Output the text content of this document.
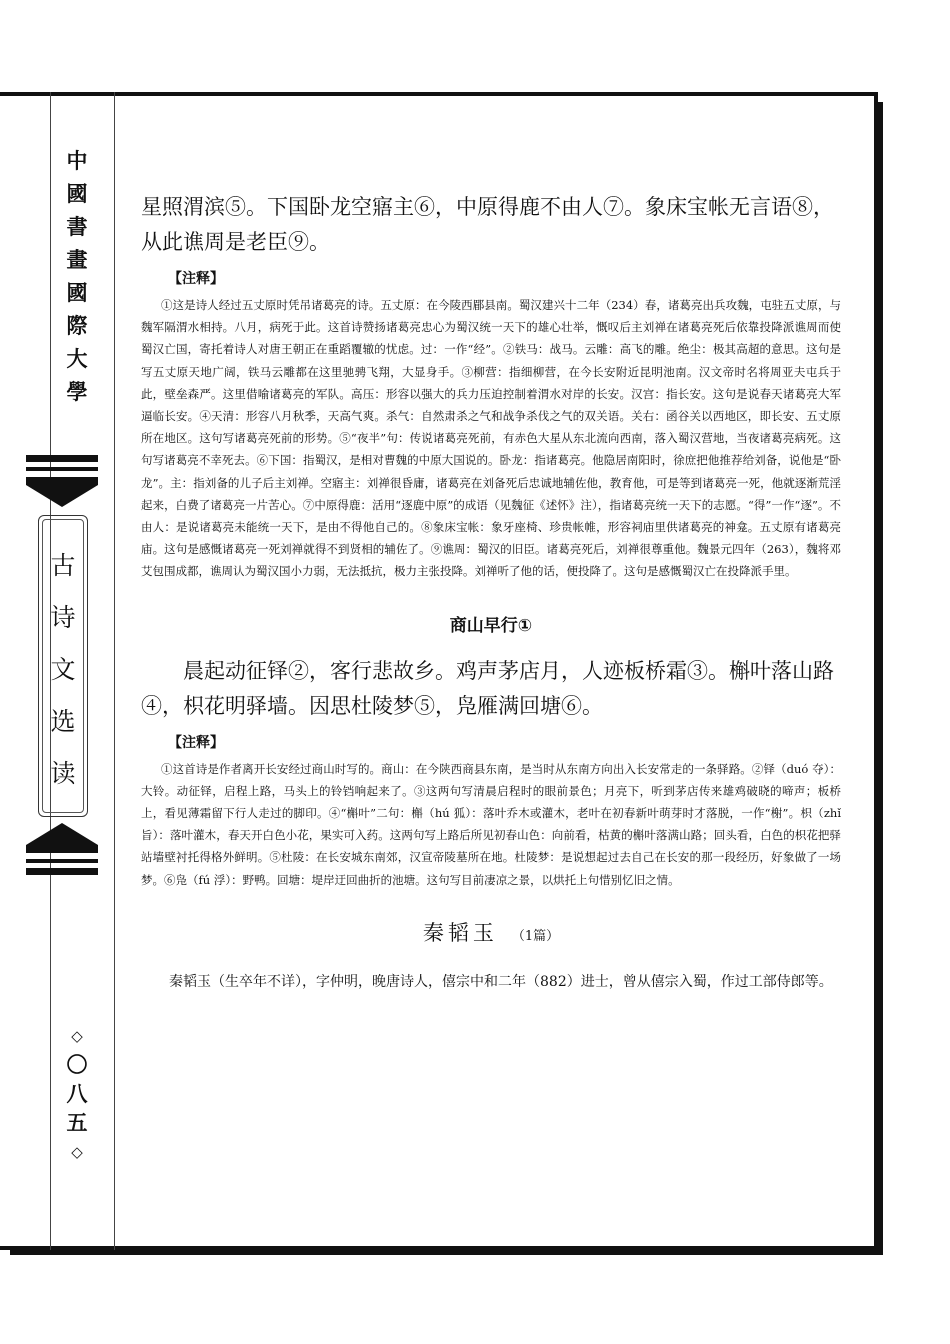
中
國
書
畫
國
際
大
學
古
诗
文
选
读
◇
〇
八
五
◇

星照渭滨⑤。下国卧龙空寤主⑥，中原得鹿不由人⑦。象床宝帐无言语⑧，

从此谯周是老臣⑨。

【注释】

①这是诗人经过五丈原时凭吊诸葛亮的诗。五丈原：在今陵西郿县南。蜀汉建兴十二年（234）春，诸葛亮出兵攻魏，屯驻五丈原，与魏军隔渭水相持。八月，病死于此。这首诗赞扬诸葛亮忠心为蜀汉统一天下的雄心壮举，慨叹后主刘禅在诸葛亮死后依靠投降派谯周而使蜀汉亡国，寄托着诗人对唐王朝正在重蹈覆辙的忧虑。过：一作“经”。②铁马：战马。云雕：高飞的雕。绝尘：极其高超的意思。这句是写五丈原天地广阔，铁马云雕都在这里驰骋飞翔，大显身手。③柳营：指细柳营，在今长安附近昆明池南。汉文帝时名将周亚夫屯兵于此，壁垒森严。这里借喻诸葛亮的军队。高压：形容以强大的兵力压迫控制着渭水对岸的长安。汉宫：指长安。这句是说春天诸葛亮大军逼临长安。④天清：形容八月秋季，天高气爽。杀气：自然肃杀之气和战争杀伐之气的双关语。关右：函谷关以西地区，即长安、五丈原所在地区。这句写诸葛亮死前的形势。⑤“夜半”句：传说诸葛亮死前，有赤色大星从东北流向西南，落入蜀汉营地，当夜诸葛亮病死。这句写诸葛亮不幸死去。⑥下国：指蜀汉，是相对曹魏的中原大国说的。卧龙：指诸葛亮。他隐居南阳时，徐庶把他推荐给刘备，说他是“卧龙”。主：指刘备的儿子后主刘禅。空寤主：刘禅很昏庸，诸葛亮在刘备死后忠诚地辅佐他，教育他，可是等到诸葛亮一死，他就逐渐荒淫起来，白费了诸葛亮一片苦心。⑦中原得鹿：活用“逐鹿中原”的成语（见魏征《述怀》注），指诸葛亮统一天下的志愿。“得”一作“逐”。不由人：是说诸葛亮未能统一天下，是由不得他自己的。⑧象床宝帐：象牙座椅、珍贵帐帷，形容祠庙里供诸葛亮的神龛。五丈原有诸葛亮庙。这句是感慨诸葛亮一死刘禅就得不到贤相的辅佐了。⑨谯周：蜀汉的旧臣。诸葛亮死后，刘禅很尊重他。魏景元四年（263），魏将邓艾包围成都，谯周认为蜀汉国小力弱，无法抵抗，极力主张投降。刘禅听了他的话，便投降了。这句是感慨蜀汉亡在投降派手里。

商山早行①

晨起动征铎②，客行悲故乡。鸡声茅店月，人迹板桥霜③。槲叶落山路④，枳花明驿墙。因思杜陵梦⑤，凫雁满回塘⑥。

【注释】

①这首诗是作者离开长安经过商山时写的。商山：在今陕西商县东南，是当时从东南方向出入长安常走的一条驿路。②铎（duó 夺）：大铃。动征铎，启程上路，马头上的铃铛响起来了。③这两句写清晨启程时的眼前景色；月亮下，听到茅店传来雄鸡破晓的啼声；板桥上，看见薄霜留下行人走过的脚印。④“槲叶”二句：槲（hú 狐）：落叶乔木或灌木，老叶在初春新叶萌芽时才落脱，一作“榭”。枳（zhǐ 旨）：落叶灌木，春天开白色小花，果实可入药。这两句写上路后所见初春山色：向前看，枯黄的槲叶落满山路；回头看，白色的枳花把驿站墙壁衬托得格外鲜明。⑤杜陵：在长安城东南郊，汉宣帝陵墓所在地。杜陵梦：是说想起过去自己在长安的那一段经历，好象做了一场梦。⑥凫（fú 浮）：野鸭。回塘：堤岸迂回曲折的池塘。这句写目前凄凉之景，以烘托上句惜别忆旧之情。

秦韬玉 （1篇）

秦韬玉（生卒年不详），字仲明，晚唐诗人，僖宗中和二年（882）进士，曾从僖宗入蜀，作过工部侍郎等。
